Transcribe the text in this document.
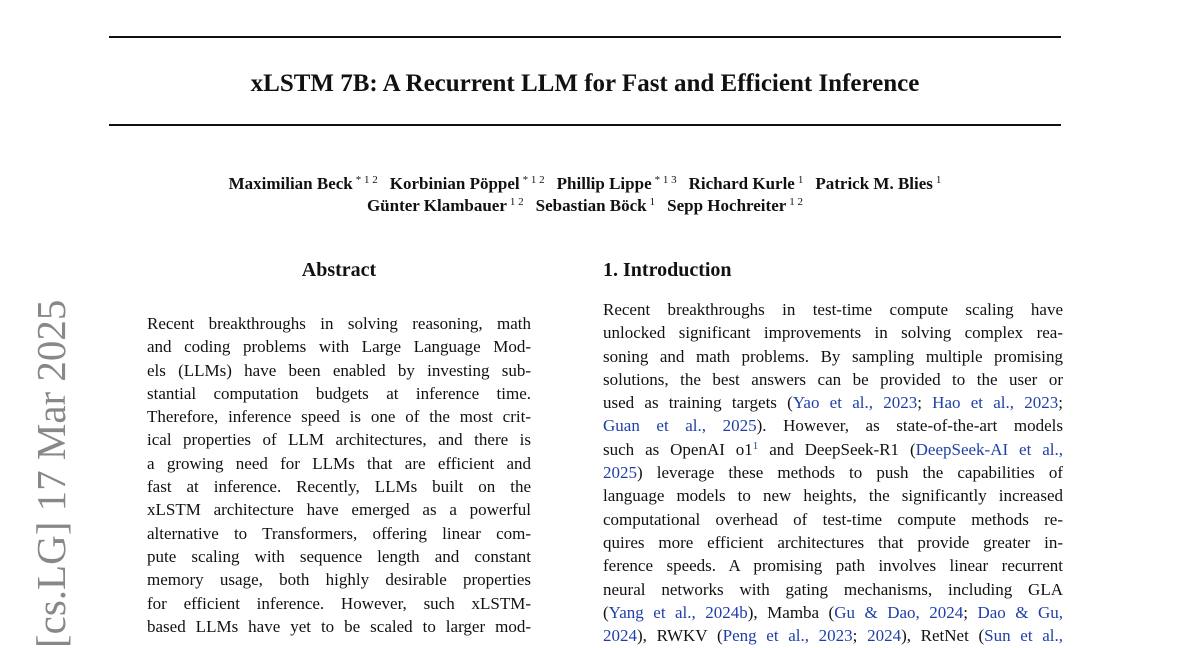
xLSTM 7B: A Recurrent LLM for Fast and Efficient Inference
Maximilian Beck $^{* 1 2}$ Korbinian Pöppel $^{* 1 2}$ Phillip Lippe $^{* 1 3}$ Richard Kurle $^1$ Patrick M. Blies $^1$
Günter Klambauer $^{1 2}$ Sebastian Böck $^1$ Sepp Hochreiter $^{1 2}$
Abstract
Recent breakthroughs in solving reasoning, math
and coding problems with Large Language Mod-
els (LLMs) have been enabled by investing sub-
stantial computation budgets at inference time.
Therefore, inference speed is one of the most crit-
ical properties of LLM architectures, and there is
a growing need for LLMs that are efficient and
fast at inference. Recently, LLMs built on the
xLSTM architecture have emerged as a powerful
alternative to Transformers, offering linear com-
pute scaling with sequence length and constant
memory usage, both highly desirable properties
for efficient inference. However, such xLSTM-
based LLMs have yet to be scaled to larger mod-
1. Introduction
Recent breakthroughs in test-time compute scaling have
unlocked significant improvements in solving complex rea-
soning and math problems. By sampling multiple promising
solutions, the best answers can be provided to the user or
used as training targets (Yao et al., 2023; Hao et al., 2023;
Guan et al., 2025). However, as state-of-the-art models
such as OpenAI o1$^1$ and DeepSeek-R1 (DeepSeek-AI et al.,
2025) leverage these methods to push the capabilities of
language models to new heights, the significantly increased
computational overhead of test-time compute methods re-
quires more efficient architectures that provide greater in-
ference speeds. A promising path involves linear recurrent
neural networks with gating mechanisms, including GLA
(Yang et al., 2024b), Mamba (Gu & Dao, 2024; Dao & Gu,
2024), RWKV (Peng et al., 2023; 2024), RetNet (Sun et al.,
[cs.LG] 17 Mar 2025
